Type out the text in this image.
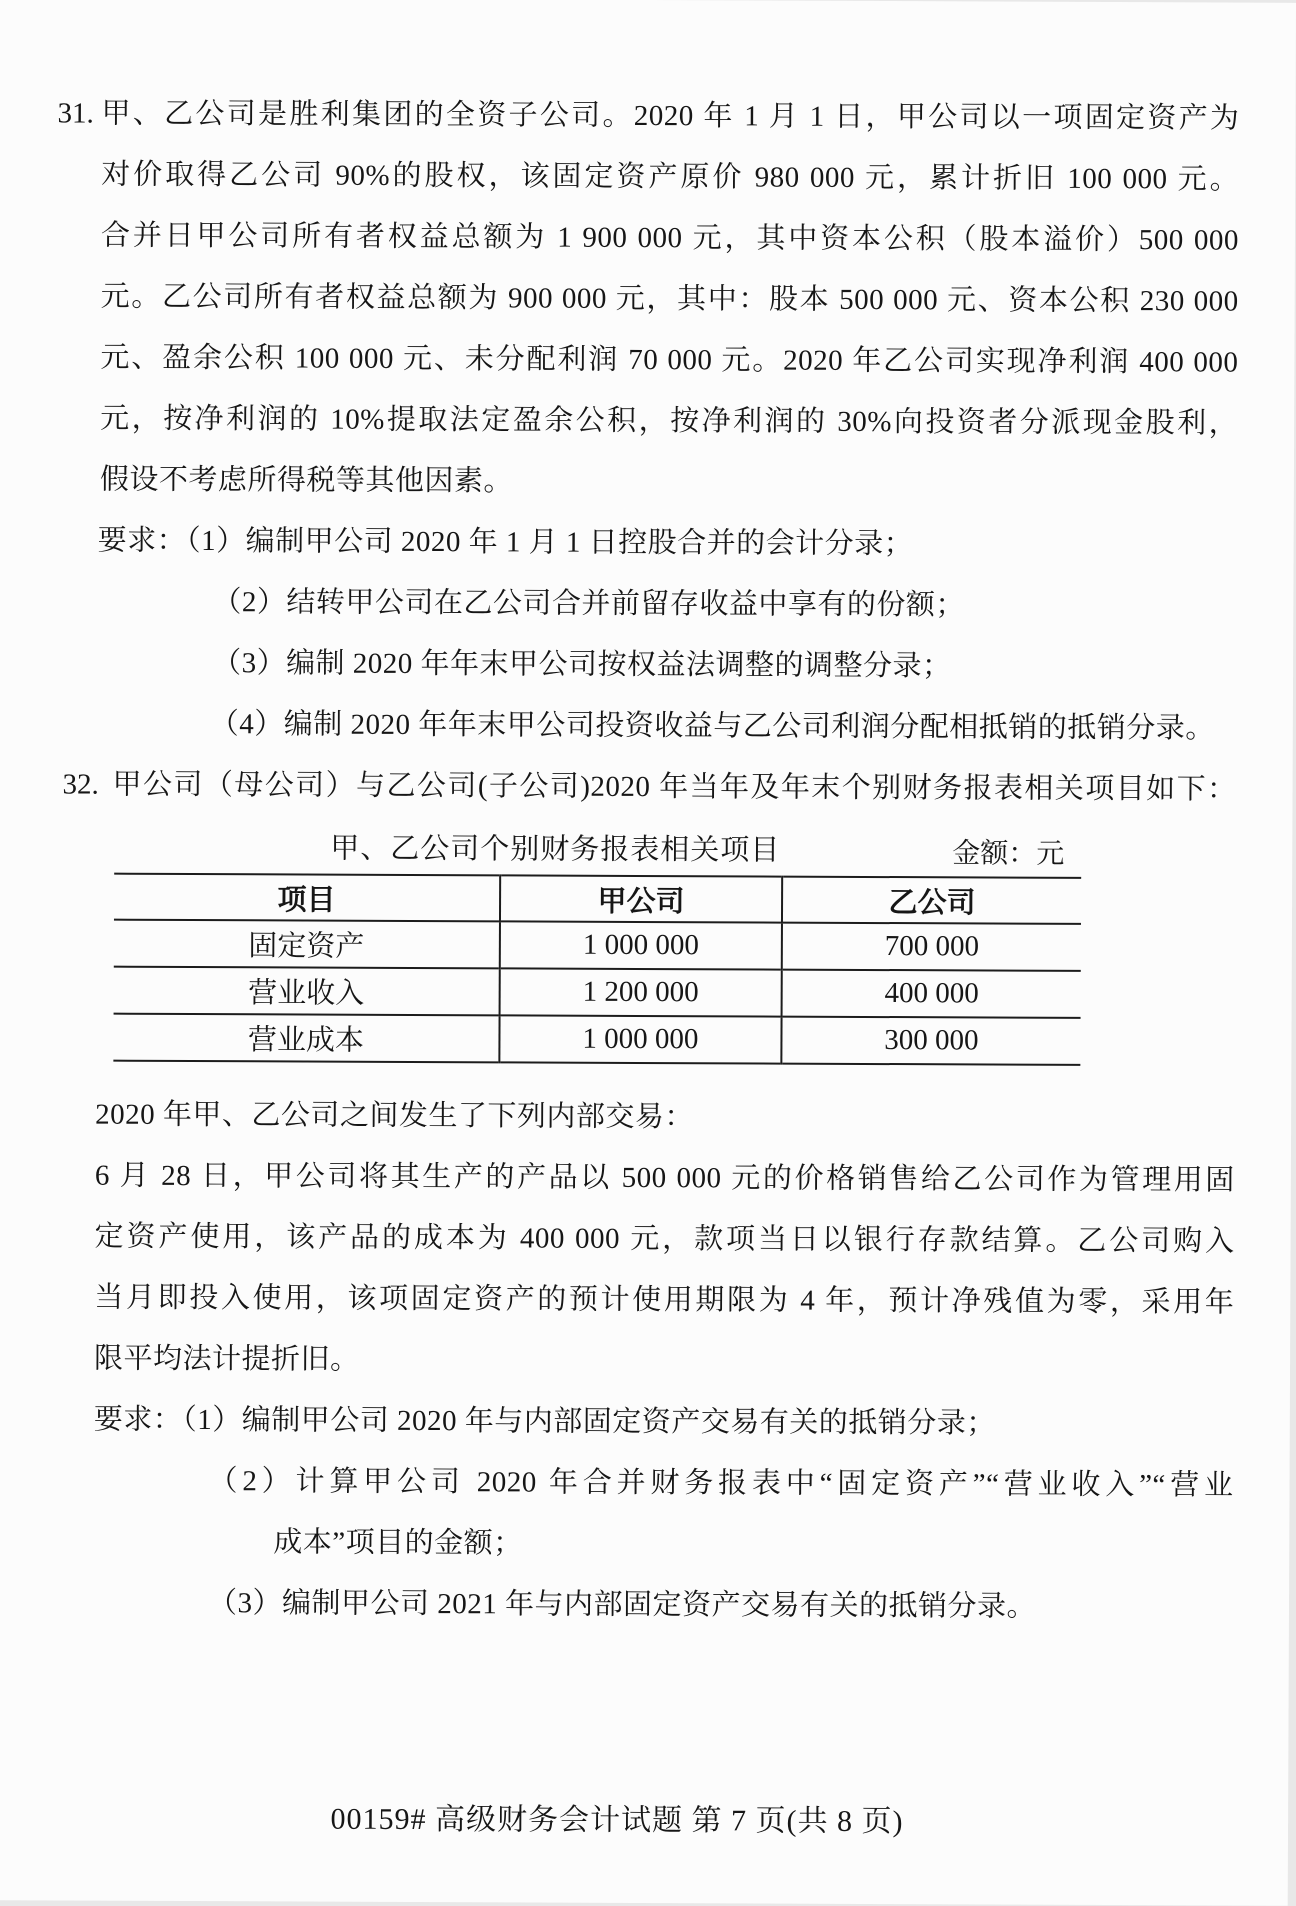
31. 甲、乙公司是胜利集团的全资子公司。2020 年 1 月 1 日，甲公司以一项固定资产为
对价取得乙公司 90%的股权，该固定资产原价 980 000 元，累计折旧 100 000 元。
合并日甲公司所有者权益总额为 1 900 000 元，其中资本公积（股本溢价）500 000
元。乙公司所有者权益总额为 900 000 元，其中：股本 500 000 元、资本公积 230 000
元、盈余公积 100 000 元、未分配利润 70 000 元。2020 年乙公司实现净利润 400 000
元，按净利润的 10%提取法定盈余公积，按净利润的 30%向投资者分派现金股利，
假设不考虑所得税等其他因素。
要求：（1）编制甲公司 2020 年 1 月 1 日控股合并的会计分录；
（2）结转甲公司在乙公司合并前留存收益中享有的份额；
（3）编制 2020 年年末甲公司按权益法调整的调整分录；
（4）编制 2020 年年末甲公司投资收益与乙公司利润分配相抵销的抵销分录。
32. 甲公司（母公司）与乙公司(子公司)2020 年当年及年末个别财务报表相关项目如下：
甲、乙公司个别财务报表相关项目	金额：元
项目	甲公司	乙公司
固定资产	1 000 000	700 000
营业收入	1 200 000	400 000
营业成本	1 000 000	300 000
2020 年甲、乙公司之间发生了下列内部交易：
6 月 28 日，甲公司将其生产的产品以 500 000 元的价格销售给乙公司作为管理用固
定资产使用，该产品的成本为 400 000 元，款项当日以银行存款结算。乙公司购入
当月即投入使用，该项固定资产的预计使用期限为 4 年，预计净残值为零，采用年
限平均法计提折旧。
要求：（1）编制甲公司 2020 年与内部固定资产交易有关的抵销分录；
（2）计算甲公司 2020 年合并财务报表中“固定资产”“营业收入”“营业
成本”项目的金额；
（3）编制甲公司 2021 年与内部固定资产交易有关的抵销分录。
00159# 高级财务会计试题 第 7 页(共 8 页)
